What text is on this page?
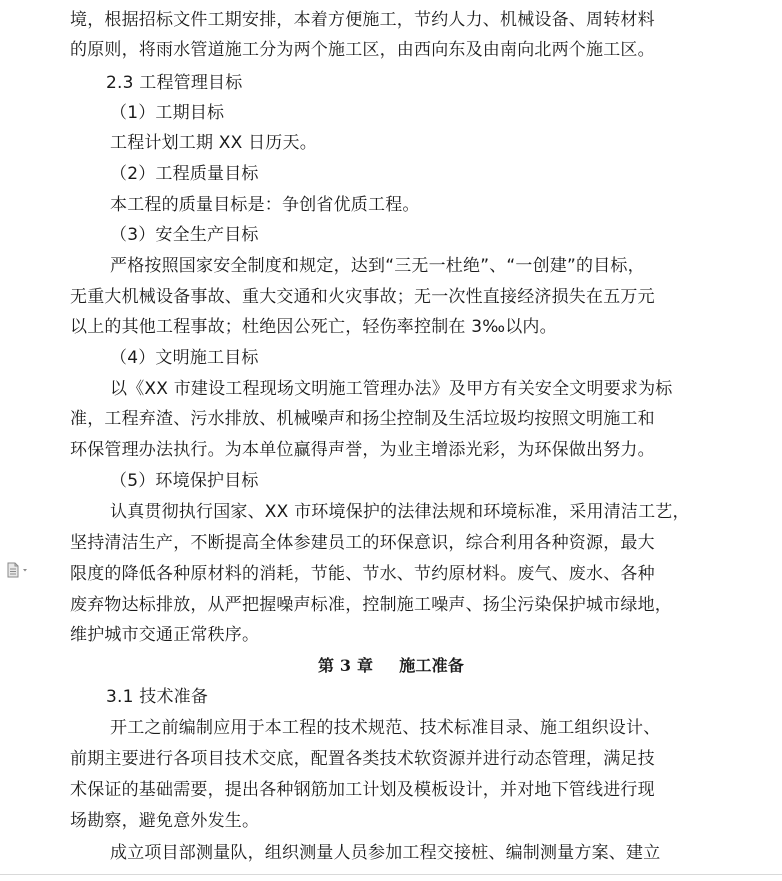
境，根据招标文件工期安排，本着方便施工，节约人力、机械设备、周转材料
的原则，将雨水管道施工分为两个施工区，由西向东及由南向北两个施工区。
2.3 工程管理目标
（1）工期目标
工程计划工期 XX 日历天。
（2）工程质量目标
本工程的质量目标是：争创省优质工程。
（3）安全生产目标
严格按照国家安全制度和规定，达到“三无一杜绝”、“一创建”的目标，
无重大机械设备事故、重大交通和火灾事故；无一次性直接经济损失在五万元
以上的其他工程事故；杜绝因公死亡，轻伤率控制在 3‰以内。
（4）文明施工目标
以《XX 市建设工程现场文明施工管理办法》及甲方有关安全文明要求为标
准，工程弃渣、污水排放、机械噪声和扬尘控制及生活垃圾均按照文明施工和
环保管理办法执行。为本单位赢得声誉，为业主增添光彩，为环保做出努力。
（5）环境保护目标
认真贯彻执行国家、XX 市环境保护的法律法规和环境标准，采用清洁工艺，
坚持清洁生产，不断提高全体参建员工的环保意识，综合利用各种资源，最大
限度的降低各种原材料的消耗，节能、节水、节约原材料。废气、废水、各种
废弃物达标排放，从严把握噪声标准，控制施工噪声、扬尘污染保护城市绿地，
维护城市交通正常秩序。
第 3 章 施工准备
3.1 技术准备
开工之前编制应用于本工程的技术规范、技术标准目录、施工组织设计、
前期主要进行各项目技术交底，配置各类技术软资源并进行动态管理，满足技
术保证的基础需要，提出各种钢筋加工计划及模板设计，并对地下管线进行现
场勘察，避免意外发生。
成立项目部测量队，组织测量人员参加工程交接桩、编制测量方案、建立
